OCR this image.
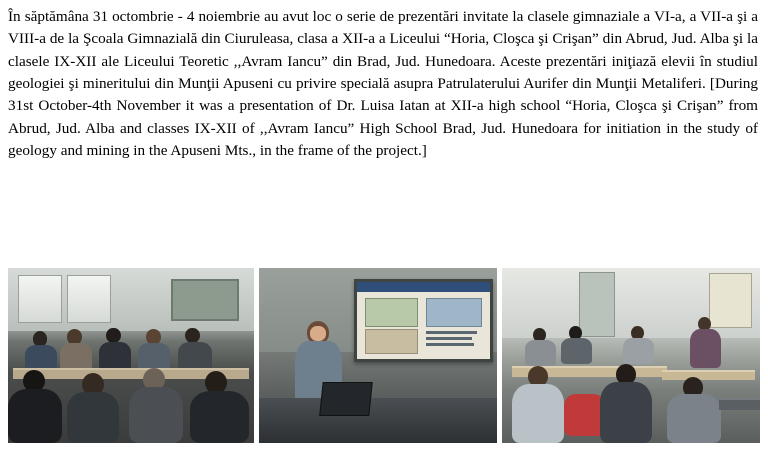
În săptămâna 31 octombrie - 4 noiembrie au avut loc o serie de prezentări invitate la clasele gimnaziale a VI-a, a VII-a şi a VIII-a de la Şcoala Gimnazială din Ciuruleasa, clasa a XII-a a Liceului “Horia, Cloşca şi Crişan” din Abrud, Jud. Alba şi la clasele IX-XII ale Liceului Teoretic ,,Avram Iancu” din Brad, Jud. Hunedoara. Aceste prezentări iniţiază elevii în studiul geologiei şi mineritului din Munţii Apuseni cu privire specială asupra Patrulaterului Aurifer din Munţii Metaliferi. [During 31st October-4th November it was a presentation of Dr. Luisa Iatan at XII-a high school “Horia, Cloşca şi Crişan” from Abrud, Jud. Alba and classes IX-XII of ,,Avram Iancu” High School Brad, Jud. Hunedoara for initiation in the study of geology and mining in the Apuseni Mts., in the frame of the project.]
